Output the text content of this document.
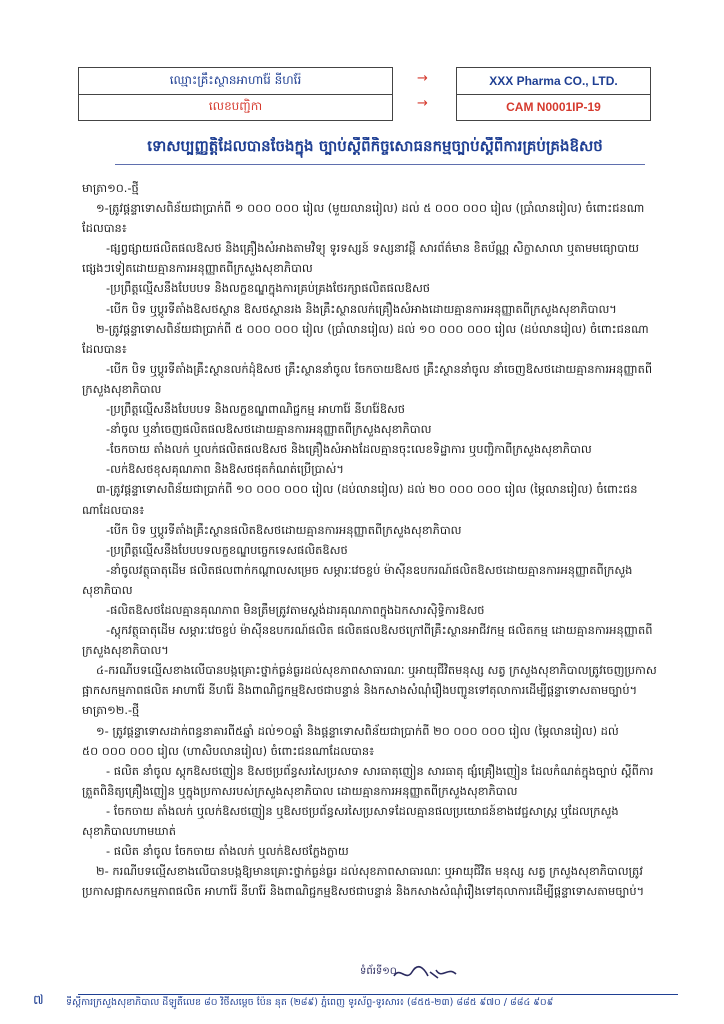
ឈ្មោះគ្រឹះស្ថានអាហារ៉ែ នីហរ៉ែ
លេខបញ្ជិកា
→
→
XXX Pharma CO., LTD.
CAM N0001IP-19
ទោសប្បញ្ញត្តិដែលបានចែងក្នុង ច្បាប់ស្តីពីកិច្ចសោធនកម្មច្បាប់ស្តីពីការគ្រប់គ្រងឱសថ
មាត្រា១០.-ថ្មី
១-ត្រូវផ្តន្ទាទោសពិន័យជាប្រាក់ពី ១ ០០០ ០០០ រៀល (មួយលានរៀល) ដល់ ៥ ០០០ ០០០ រៀល (ប្រាំលានរៀល) ចំពោះជនណា
ដែលបាន៖
-ផ្សព្វផ្សាយផលិតផលឱសថ និងគ្រឿងសំអាងតាមវិទ្យុ ទូរទស្សន៍ ទស្សនាវដ្តី សារព័ត៌មាន ខិតប័ណ្ណ សិក្ខាសាលា ឬតាមមធ្យោបាយ
ផ្សេងៗទៀតដោយគ្មានការអនុញ្ញាតពីក្រសួងសុខាភិបាល
-ប្រព្រឹត្តល្មើសនឹងបែបបទ និងលក្ខខណ្ឌក្នុងការគ្រប់គ្រងថែរក្សាផលិតផលឱសថ
-បើក បិទ ឬប្តូរទីតាំងឱសថស្ថាន ឱសថស្ថានរង និងគ្រឹះស្ថានលក់គ្រឿងសំអាងដោយគ្មានការអនុញ្ញាតពីក្រសួងសុខាភិបាល។
២-ត្រូវផ្តន្ទាទោសពិន័យជាប្រាក់ពី ៥ ០០០ ០០០ រៀល (ប្រាំលានរៀល) ដល់ ១០ ០០០ ០០០ រៀល (ដប់លានរៀល) ចំពោះជនណា
ដែលបាន៖
-បើក បិទ ឬប្តូរទីតាំងគ្រឹះស្ថានលក់ដុំឱសថ គ្រឹះស្ថាននាំចូល ចែកចាយឱសថ គ្រឹះស្ថាននាំចូល នាំចេញឱសថដោយគ្មានការអនុញ្ញាតពី
ក្រសួងសុខាភិបាល
-ប្រព្រឹត្តល្មើសនឹងបែបបទ និងលក្ខខណ្ឌពាណិជ្ជកម្ម អាហារ៉ែ នីហរ៉ែឱសថ
-នាំចូល ឬនាំចេញផលិតផលឱសថដោយគ្មានការអនុញ្ញាតពីក្រសួងសុខាភិបាល
-ចែកចាយ តាំងលក់ ឬលក់ផលិតផលឱសថ និងគ្រឿងសំអាងដែលគ្មានចុះលេខទិដ្ឋាការ ឬបញ្ជិកាពីក្រសួងសុខាភិបាល
-លក់ឱសថខុសគុណភាព និងឱសថផុតកំណត់ប្រើប្រាស់។
៣-ត្រូវផ្តន្ទាទោសពិន័យជាប្រាក់ពី ១០ ០០០ ០០០ រៀល (ដប់លានរៀល) ដល់ ២០ ០០០ ០០០ រៀល (ម្ភៃលានរៀល) ចំពោះជន
ណាដែលបាន៖
-បើក បិទ ឬប្តូរទីតាំងគ្រឹះស្ថានផលិតឱសថដោយគ្មានការអនុញ្ញាតពីក្រសួងសុខាភិបាល
-ប្រព្រឹត្តល្មើសនឹងបែបបទលក្ខខណ្ឌបច្ចេកទេសផលិតឱសថ
-នាំចូលវត្ថុធាតុដើម ផលិតផលពាក់កណ្តាលសម្រេច សម្ភារៈវេចខ្ចប់ ម៉ាស៊ីនឧបករណ៍ផលិតឱសថដោយគ្មានការអនុញ្ញាតពីក្រសួង
សុខាភិបាល
-ផលិតឱសថដែលគ្មានគុណភាព មិនត្រឹមត្រូវតាមស្តង់ដារគុណភាពក្នុងឯកសារស៊ិទ្ធិការឱសថ
-ស្តុកវត្ថុធាតុដើម សម្ភារៈវេចខ្ចប់ ម៉ាស៊ីនឧបករណ៍ផលិត ផលិតផលឱសថក្រៅពីគ្រឹះស្ថានអាជីវកម្ម ផលិតកម្ម ដោយគ្មានការអនុញ្ញាតពី
ក្រសួងសុខាភិបាល។
៤-ករណីបទល្មើសខាងលើបានបង្កគ្រោះថ្នាក់ធ្ងន់ធ្ងរដល់សុខភាពសាធារណៈ ឬអាយុជីវិតមនុស្ស សត្វ ក្រសួងសុខាភិបាលត្រូវចេញប្រកាស
ផ្អាកសកម្មភាពផលិត អាហារ៉ែ នីហរ៉ែ និងពាណិជ្ជកម្មឱសថជាបន្ទាន់ និងកសាងសំណុំរឿងបញ្ជូនទៅតុលាការដើម្បីផ្តន្ទាទោសតាមច្បាប់។
មាត្រា១២.-ថ្មី
១- ត្រូវផ្តន្ទាទោសដាក់ពន្ធនាគារពី៥ឆ្នាំ ដល់១០ឆ្នាំ និងផ្តន្ទាទោសពិន័យជាប្រាក់ពី ២០ ០០០ ០០០ រៀល (ម្ភៃលានរៀល) ដល់
៥០ ០០០ ០០០ រៀល (ហាសិបលានរៀល) ចំពោះជនណាដែលបាន៖
- ផលិត នាំចូល ស្តុកឱសថញៀន ឱសថប្រព័ន្ធសរសៃប្រសាទ សារធាតុញៀន សារធាតុ ផ្សំគ្រឿងញៀន ដែលកំណត់ក្នុងច្បាប់ ស្តីពីការ
ត្រួតពិនិត្យគ្រឿងញៀន ឬក្នុងប្រកាសរបស់ក្រសួងសុខាភិបាល ដោយគ្មានការអនុញ្ញាតពីក្រសួងសុខាភិបាល
- ចែកចាយ តាំងលក់ ឬលក់ឱសថញៀន ឬឱសថប្រព័ន្ធសរសៃប្រសាទដែលគ្មានផលប្រយោជន៍ខាងវេជ្ជសាស្ត្រ ឬដែលក្រសួង
សុខាភិបាលហាមឃាត់
- ផលិត នាំចូល ចែកចាយ តាំងលក់ ឬលក់ឱសថក្លែងក្លាយ
២- ករណីបទល្មើសខាងលើបានបង្កឱ្យមានគ្រោះថ្នាក់ធ្ងន់ធ្ងរ ដល់សុខភាពសាធារណៈ ឬអាយុជីវិត មនុស្ស សត្វ ក្រសួងសុខាភិបាលត្រូវ
ប្រកាសផ្អាកសកម្មភាពផលិត អាហារ៉ែ នីហរ៉ែ និងពាណិជ្ជកម្មឱសថជាបន្ទាន់ និងកសាងសំណុំរឿងទៅតុលាការដើម្បីផ្តន្ទាទោសតាមច្បាប់។
ទំព័រទី១០
៧ ទីស្តីការក្រសួងសុខាភិបាល ដីឡូតិ៍លេខ ៨០ វិថីសម្តេច ប៉ែន នុត (២៨៩) ភ្នំពេញ ទូរស័ព្ទ-ទូរសារ៖ (៨៥៥-២៣) ៨៨៥ ៩៧០ / ៨៨៤ ៩០៩
